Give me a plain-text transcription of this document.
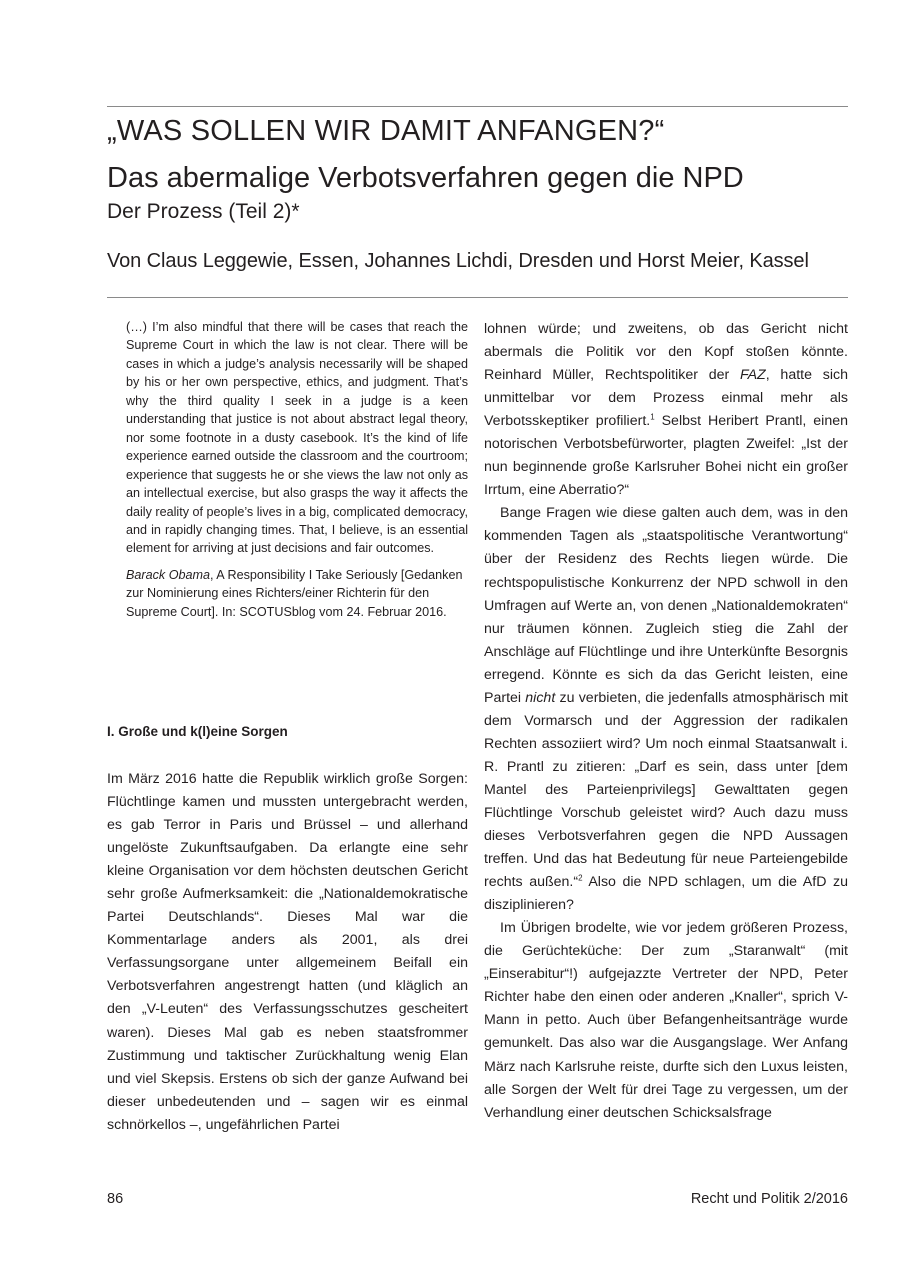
„WAS SOLLEN WIR DAMIT ANFANGEN?“
Das abermalige Verbotsverfahren gegen die NPD
Der Prozess (Teil 2)*
Von Claus Leggewie, Essen, Johannes Lichdi, Dresden und Horst Meier, Kassel

(…) I’m also mindful that there will be cases that reach the Supreme Court in which the law is not clear. There will be cases in which a judge’s analysis necessarily will be shaped by his or her own perspective, ethics, and judgment. That’s why the third quality I seek in a judge is a keen understanding that justice is not about abstract legal theory, nor some footnote in a dusty casebook. It’s the kind of life experience earned outside the classroom and the courtroom; experience that suggests he or she views the law not only as an intellectual exercise, but also grasps the way it affects the daily reality of people’s lives in a big, complicated democracy, and in rapidly changing times. That, I believe, is an essential element for arriving at just decisions and fair outcomes.

Barack Obama, A Responsibility I Take Seriously [Gedanken zur Nominierung eines Richters/einer Richterin für den Supreme Court]. In: SCOTUSblog vom 24. Februar 2016.

I. Große und k(l)eine Sorgen

Im März 2016 hatte die Republik wirklich große Sorgen: Flüchtlinge kamen und mussten untergebracht werden, es gab Terror in Paris und Brüssel – und allerhand ungelöste Zukunftsaufgaben. Da erlangte eine sehr kleine Organisation vor dem höchsten deutschen Gericht sehr große Aufmerksamkeit: die „Nationaldemokratische Partei Deutschlands“. Dieses Mal war die Kommentarlage anders als 2001, als drei Verfassungsorgane unter allgemeinem Beifall ein Verbotsverfahren angestrengt hatten (und kläglich an den „V-Leuten“ des Verfassungsschutzes gescheitert waren). Dieses Mal gab es neben staatsfrommer Zustimmung und taktischer Zurückhaltung wenig Elan und viel Skepsis. Erstens ob sich der ganze Aufwand bei dieser unbedeutenden und – sagen wir es einmal schnörkellos –, ungefährlichen Partei

lohnen würde; und zweitens, ob das Gericht nicht abermals die Politik vor den Kopf stoßen könnte. Reinhard Müller, Rechtspolitiker der FAZ, hatte sich unmittelbar vor dem Prozess einmal mehr als Verbotsskeptiker profiliert.$^1$ Selbst Heribert Prantl, einen notorischen Verbotsbefürworter, plagten Zweifel: „Ist der nun beginnende große Karlsruher Bohei nicht ein großer Irrtum, eine Aberratio?“

Bange Fragen wie diese galten auch dem, was in den kommenden Tagen als „staatspolitische Verantwortung“ über der Residenz des Rechts liegen würde. Die rechtspopulistische Konkurrenz der NPD schwoll in den Umfragen auf Werte an, von denen „Nationaldemokraten“ nur träumen können. Zugleich stieg die Zahl der Anschläge auf Flüchtlinge und ihre Unterkünfte Besorgnis erregend. Könnte es sich da das Gericht leisten, eine Partei nicht zu verbieten, die jedenfalls atmosphärisch mit dem Vormarsch und der Aggression der radikalen Rechten assoziiert wird? Um noch einmal Staatsanwalt i. R. Prantl zu zitieren: „Darf es sein, dass unter [dem Mantel des Parteienprivilegs] Gewalttaten gegen Flüchtlinge Vorschub geleistet wird? Auch dazu muss dieses Verbotsverfahren gegen die NPD Aussagen treffen. Und das hat Bedeutung für neue Parteiengebilde rechts außen.“$^2$ Also die NPD schlagen, um die AfD zu disziplinieren?

Im Übrigen brodelte, wie vor jedem größeren Prozess, die Gerüchteküche: Der zum „Staranwalt“ (mit „Einserabitur“!) aufgejazzte Vertreter der NPD, Peter Richter habe den einen oder anderen „Knaller“, sprich V-Mann in petto. Auch über Befangenheitsanträge wurde gemunkelt. Das also war die Ausgangslage. Wer Anfang März nach Karlsruhe reiste, durfte sich den Luxus leisten, alle Sorgen der Welt für drei Tage zu vergessen, um der Verhandlung einer deutschen Schicksalsfrage

86	Recht und Politik 2/2016
